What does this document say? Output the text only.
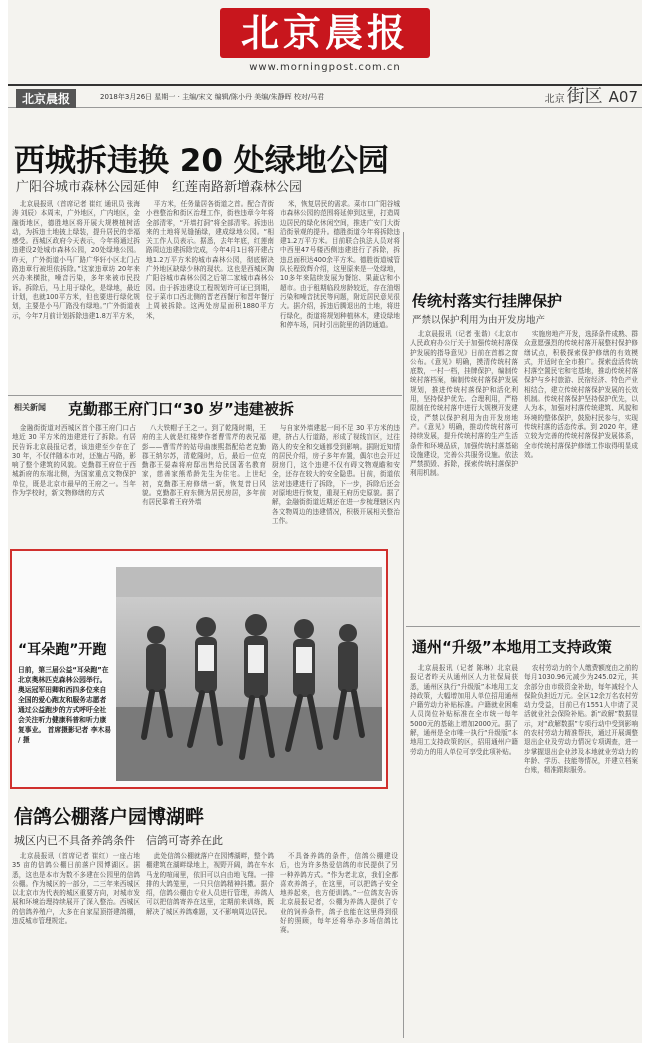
北京晨报
www.morningpost.com.cn
北京晨报	2018年3月26日 星期一 · 主编/宋文 编辑/陈小丹 美编/朱静晖 校对/马君	北京 街区 A07
西城拆违换 20 处绿地公园
广阳谷城市森林公园延伸　红莲南路新增森林公园

北京晨报讯（首席记者 崔红 通讯员 张海涛 刘辰）本周末，广外地区，广内地区，金融街地区，德胜地区将开展大规模植树活动，为拆违土地披上绿装，提升居民的幸福感受。西城区政府今天表示，今年将通过拆违建设2处城市森林公园，20处绿地公园。昨天，广外街道小马厂路广华轩小区北门占路违章行被坦依拆除。”这家违章坊 20年来兴办来横批，噪音污染，多年来被市民投诉。拆除后，马上用于绿化，是绿地，最近计划，也就100平方米，但也要进行绿化规划，主要是小马厂路没有绿地。”广外街道表示，今年7月前计划拆除违建1.8万平方米，

平方米，任务量居各街道之首。配合背街小巷整治和街区治理工作，街巷违章今年将全部清零，“开墙打洞”将全部清零。拆违出来的土地将见缝插绿，建成绿地公园。“相关工作人员表示。据悉，去年年底，红莲南路周边违建拆除完成，今年4月1日将开建占地1.2万平方米的城市森林公园，彻底解决广外地区缺绿少林的现状。这也是西城区陶广阳谷城市森林公园之后第二家城市森林公园。由于拆违建设工程规划许可证已到期，位于菜市口西北侧的晋老西餐厅和晋年餐厅上周被拆除。这两处房屋面积1880平方米，

米，恢复居民的需求。菜市口广阳谷城市森林公园的范围将延伸到这里，打造周边居民的绿化休闲空间，推进广安门大街沿街景观的提升。德胜街道今年将拆除违建1.2万平方米。目前联合执法人员对将中西里47号楼西侧违建进行了拆除，拆违总面积达400余平方米。德胜街道城管队长程致辉介绍，这里原来是一处绿地，10多年来陆续发展为餐馆、果蔬店和小超市。由于租期临段房龄较近，存在油烟污染和噪音扰民等问题，附近居民意见很大。据介绍，拆违后腾退出的土地，将进行绿化，街道将规划种植林木，建设绿地和停车场，同时引出院里的消防通道。

相关新闻 克勤郡王府门口“30 岁”违建被拆

金融街街道对西城区首个郡王府门口占地近 30 平方米的违建进行了拆除。有居民告诉北京晨报记者，该违建至少存在了 30 年，不仅伴随本市对，还施占马路，影响了整个建筑的风貌。克勤郡王府位于西城新府的东端北侧，为国家重点文物保护单位，既是北京市最早的王府之一。当年作为学校时，新文物修缮的方式

八大铁帽子王之一。到了乾隆时期，王府的主人就是红楼梦作者曹雪芹的表兄福彭——曹雪芹的姑母曲康熙指配给老克勤郡王纳尔苏，清乾隆时，后，最后一位克勤郡王晏森将府邸出售给民国著名教育家，慈善家熊希龄先生为住宅。上世纪初，克勤郡王府修缮一新，恢复昔日风貌。克勤郡王府东侧为居民房居，多年前有居民靠着王府外墙

与自家外墙建起一间不足 30 平方米的违建，挤占人行道路，形成了视线盲区，过往路人的安全和交通都受到影响。据附近知情的居民介绍，房子多年弃置，偶尔也会开过厨房门，这个违建不仅有碍文物观瞻和安全，还存在较大的安全隐患。日前，街道依法对违建进行了拆除，下一步，拆除后还会对原地进行恢复，重现王府历史原貌。据了解，金融街街道近期还在进一步梳理辖区内各文物周边的违建情况，积极开展相关整治工作。

“耳朵跑”开跑
日前，第三届公益“耳朵跑”在北京奥林匹克森林公园举行。奥运冠军田卿和西四多位来自全国的爱心跑友和服务志愿者通过公益跑步的方式呼吁全社会关注听力健康科普和听力康复事业。 首席摄影记者 李木易 / 摄
信鸽公棚落户园博湖畔
城区内已不具备养鸽条件　信鸽可寄养在此

北京晨报讯（首席记者 崔红）一座占地 35 亩的信鸽公棚日前落户园博湖区。据悉，这也是本市为数不多建在公园里的信鸽公棚。作为城区的一部分，二三年来西城区以北京市为代表的城区重要方向，对城市发展和环境治理持续展开了深入整治。西城区的信鸽养殖户，大多在自家屋顶搭建鸽棚，违反城市管理规定。

此处信鸽公棚就落户在园博湖畔，整个鸽棚建筑在湖畔绿地上，视野开阔，鸽在车水马龙的喧闹里，依旧可以自由地飞翔。一排排的大鸽笼里，一只只信鸽精神抖擞。据介绍，信鸽公棚由专业人员进行管理，养鸽人可以把信鸽寄养在这里，定期前来训练，既解决了城区养鸽难题，又不影响周边居民。

不具备养鸽的条件，信鸽公棚建设后，也为许多热爱信鸽的市民提供了另一种养鸽方式。“作为老北京，我们全都喜欢养鸽子，在这里，可以把鸽子安全地养起来，也方便训鸽。”一位鸽友告诉北京晨报记者，公棚为养鸽人提供了专业的饲养条件，鸽子也能在这里得到很好的照顾，每年还将举办多场信鸽比赛。

传统村落实行挂牌保护
严禁以保护利用为由开发房地产

北京晨报讯（记者 张谐）《北京市人民政府办公厅关于加强传统村落保护发展的指导意见》日前在首都之窗公布。《意见》明确，摸清传统村落底数，一村一档，挂牌保护，编制传统村落档案，编制传统村落保护发展规划，推进传统村落保护和活化利用，坚持保护优先、合理利用，严格限制在传统村落中进行大规模开发建设，严禁以保护利用为由开发房地产。《意见》明确，推动传统村落可持续发展，提升传统村落的生产生活条件和环境品质，加强传统村落基础设施建设，完善公共服务设施。依法严禁损毁、拆除，探索传统村落保护利用机制。

实施房地产开发，选择条件成熟、群众意愿强烈的传统村落开展整村保护修缮试点，积极探索保护修缮的有效模式，并适时在全市推广。探索盘活传统村落空置民宅和宅基地，推动传统村落保护与乡村旅游、民宿经济、特色产业相结合，建立传统村落保护发展的长效机制。传统村落保护坚持保护优先，以人为本，加强对村落传统建筑、风貌和环境的整体保护，鼓励村民参与，实现传统村落的活态传承。到 2020 年，建立较为完善的传统村落保护发展体系，全市传统村落保护修缮工作取得明显成效。

通州“升级”本地用工支持政策

北京晨报讯（记者 陈琳）北京晨报记者昨天从通州区人力社保局获悉，通州区执行“升级版”本地用工支持政策，大幅增加用人单位招用通州户籍劳动力补贴标准。户籍就业困难人员岗位补贴标准在全市统一每年5000元的基础上增加2000元。据了解，通州是全市唯一执行“升级版”本地用工支持政策的区，招用通州户籍劳动力的用人单位可享受此项补贴。

农村劳动力的个人缴费额度由之前的每月1030.96元减少为245.02元，其余部分由市级资金补助，每年减轻个人保险负担近万元。全区12余万名农村劳动力受益，目前已有1551人申请了灵活就业社会保险补贴。新“政解”数据显示，对“政解数据”专项行动中受到影响的农村劳动力精准帮扶，通过开展调整退出企业及劳动力情况专项调查，进一步掌握退出企业涉及本地就业劳动力的年龄、学历、技能等情况，并建立档案台账，精准跟踪服务。
